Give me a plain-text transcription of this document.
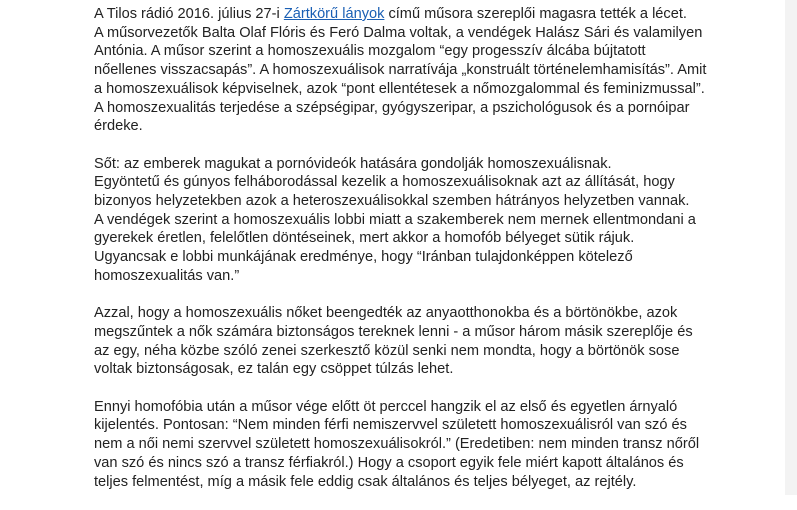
A Tilos rádió 2016. július 27-i Zártkörű lányok című műsora szereplői magasra tették a lécet.
A műsorvezetők Balta Olaf Flóris és Feró Dalma voltak, a vendégek Halász Sári és valamilyen
Antónia. A műsor szerint a homoszexuális mozgalom “egy progesszív álcába bújtatott
nőellenes visszacsapás”. A homoszexuálisok narratívája „konstruált történelemhamisítás”. Amit
a homoszexuálisok képviselnek, azok “pont ellentétesek a nőmozgalommal és feminizmussal”.
A homoszexualitás terjedése a szépségipar, gyógyszeripar, a pszichológusok és a pornóipar
érdeke.

Sőt: az emberek magukat a pornóvideók hatására gondolják homoszexuálisnak.
Egyöntetű és gúnyos felháborodással kezelik a homoszexuálisoknak azt az állítását, hogy
bizonyos helyzetekben azok a heteroszexuálisokkal szemben hátrányos helyzetben vannak.
A vendégek szerint a homoszexuális lobbi miatt a szakemberek nem mernek ellentmondani a
gyerekek éretlen, felelőtlen döntéseinek, mert akkor a homofób bélyeget sütik rájuk.
Ugyancsak e lobbi munkájának eredménye, hogy “Iránban tulajdonképpen kötelező
homoszexualitás van.”

Azzal, hogy a homoszexuális nőket beengedték az anyaotthonokba és a börtönökbe, azok
megszűntek a nők számára biztonságos tereknek lenni - a műsor három másik szereplője és
az egy, néha közbe szóló zenei szerkesztő közül senki nem mondta, hogy a börtönök sose
voltak biztonságosak, ez talán egy csöppet túlzás lehet.

Ennyi homofóbia után a műsor vége előtt öt perccel hangzik el az első és egyetlen árnyaló
kijelentés. Pontosan: “Nem minden férfi nemiszervvel született homoszexuálisról van szó és
nem a női nemi szervvel született homoszexuálisokról.” (Eredetiben: nem minden transz nőről
van szó és nincs szó a transz férfiakról.) Hogy a csoport egyik fele miért kapott általános és
teljes felmentést, míg a másik fele eddig csak általános és teljes bélyeget, az rejtély.
